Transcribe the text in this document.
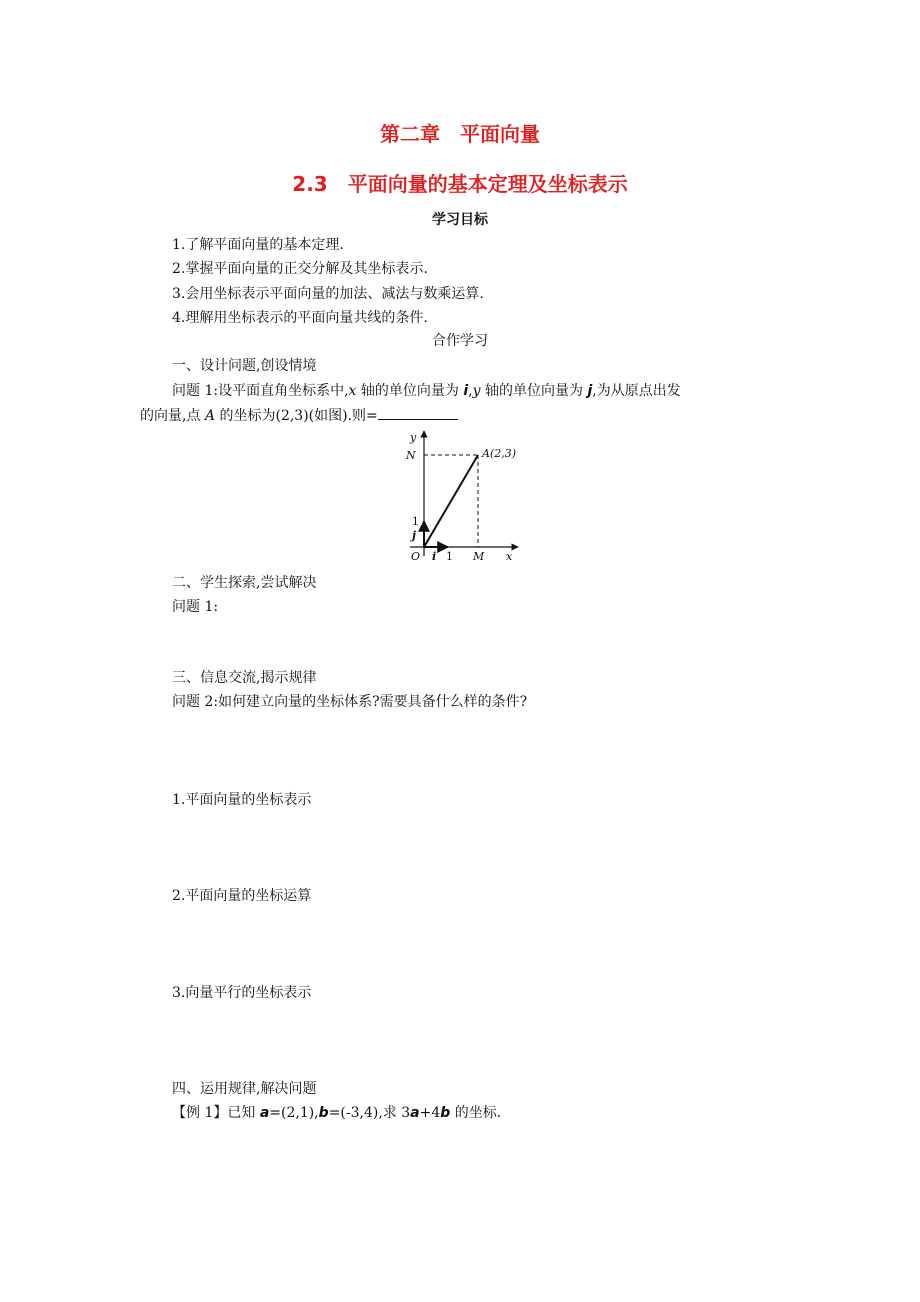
第二章　平面向量
2.3　平面向量的基本定理及坐标表示
学习目标
1.了解平面向量的基本定理.
2.掌握平面向量的正交分解及其坐标表示.
3.会用坐标表示平面向量的加法、减法与数乘运算.
4.理解用坐标表示的平面向量共线的条件.
合作学习
一、设计问题,创设情境
问题 1:设平面直角坐标系中,x 轴的单位向量为 i,y 轴的单位向量为 j,为从原点出发
的向量,点 A 的坐标为(2,3)(如图).则=
y
x
N	A(2,3)
1
j
O i 1 M
二、学生探索,尝试解决
问题 1:
三、信息交流,揭示规律
问题 2:如何建立向量的坐标体系?需要具备什么样的条件?
1.平面向量的坐标表示
2.平面向量的坐标运算
3.向量平行的坐标表示
四、运用规律,解决问题
【例 1】已知 a=(2,1),b=(-3,4),求 3a+4b 的坐标.
